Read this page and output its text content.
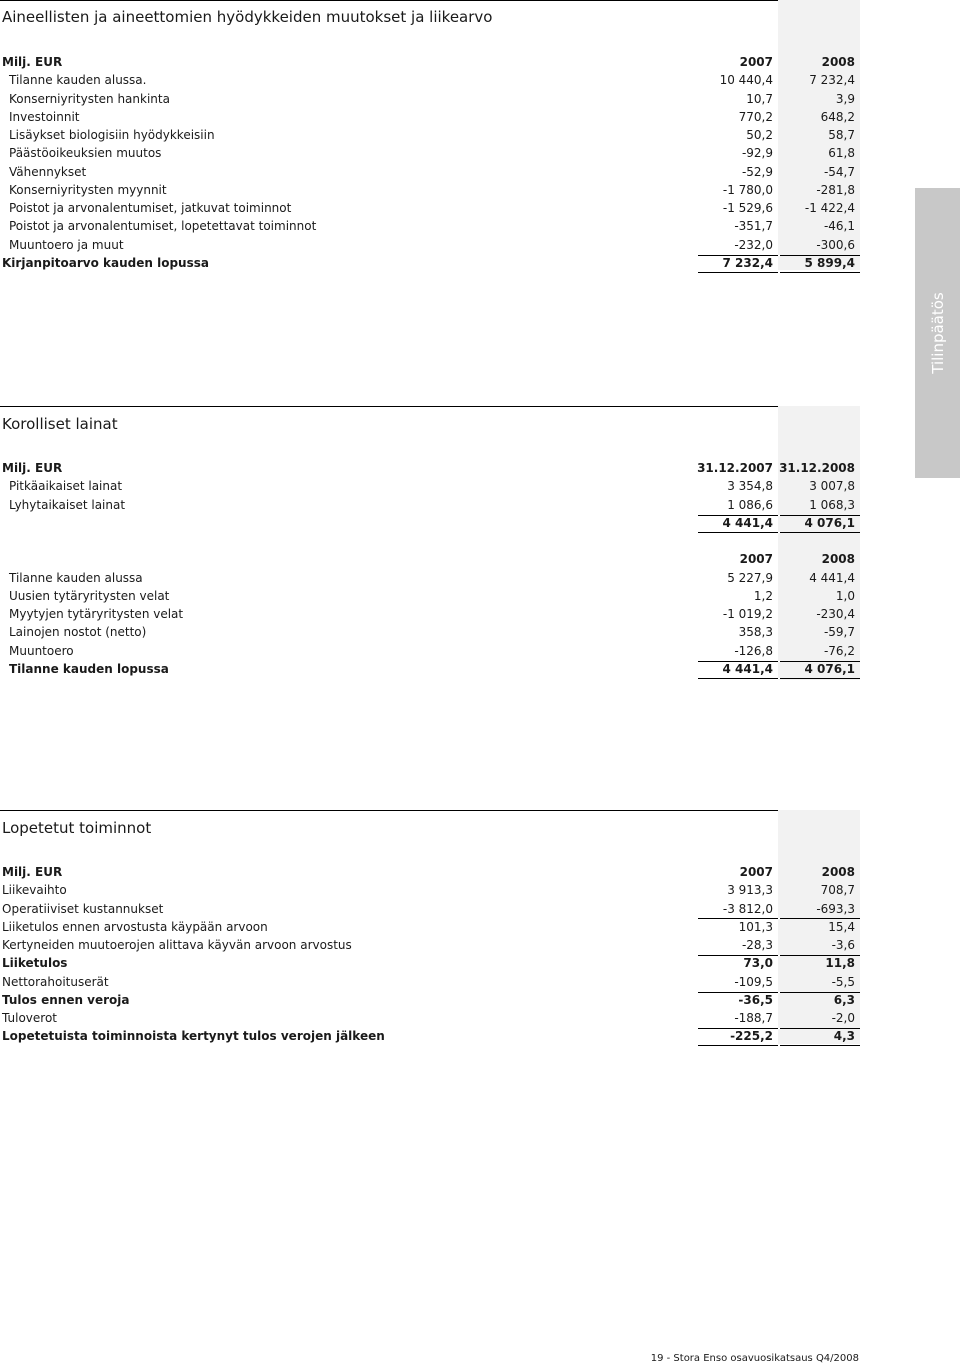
Aineellisten ja aineettomien hyödykkeiden muutokset ja liikearvo
Milj. EUR	2007	2008
Tilanne kauden alussa.	10 440,4	7 232,4
Konserniyritysten hankinta	10,7	3,9
Investoinnit	770,2	648,2
Lisäykset biologisiin hyödykkeisiin	50,2	58,7
Päästöoikeuksien muutos	-92,9	61,8
Vähennykset	-52,9	-54,7
Konserniyritysten myynnit	-1 780,0	-281,8
Poistot ja arvonalentumiset, jatkuvat toiminnot	-1 529,6	-1 422,4
Poistot ja arvonalentumiset, lopetettavat toiminnot	-351,7	-46,1
Muuntoero ja muut	-232,0	-300,6
Kirjanpitoarvo kauden lopussa	7 232,4	5 899,4
Korolliset lainat
Milj. EUR	31.12.2007 31.12.2008
Pitkäaikaiset lainat	3 354,8	3 007,8
Lyhytaikaiset lainat	1 086,6	1 068,3
4 441,4	4 076,1
2007	2008
Tilanne kauden alussa	5 227,9	4 441,4
Uusien tytäryritysten velat	1,2	1,0
Myytyjen tytäryritysten velat	-1 019,2	-230,4
Lainojen nostot (netto)	358,3	-59,7
Muuntoero	-126,8	-76,2
Tilanne kauden lopussa	4 441,4	4 076,1
Lopetetut toiminnot
Milj. EUR	2007	2008
Liikevaihto	3 913,3	708,7
Operatiiviset kustannukset	-3 812,0	-693,3
Liiketulos ennen arvostusta käypään arvoon	101,3	15,4
Kertyneiden muutoerojen alittava käyvän arvoon arvostus	-28,3	-3,6
Liiketulos	73,0	11,8
Nettorahoituserät	-109,5	-5,5
Tulos ennen veroja	-36,5	6,3
Tuloverot	-188,7	-2,0
Lopetetuista toiminnoista kertynyt tulos verojen jälkeen	-225,2	4,3
Tilinpäätös
19 - Stora Enso osavuosikatsaus Q4/2008
